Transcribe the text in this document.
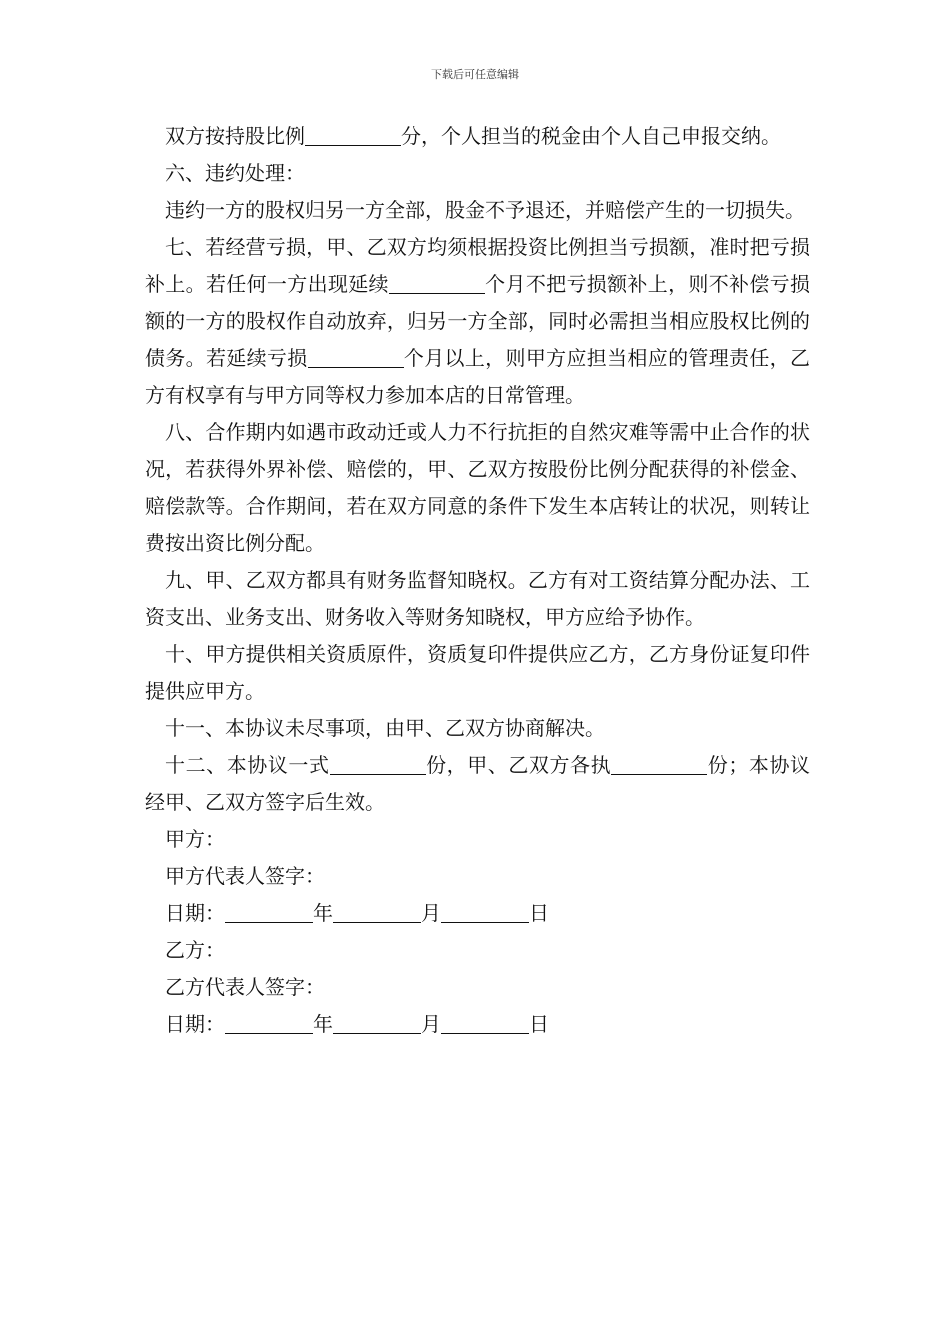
下载后可任意编辑

双方按持股比例	分，个人担当的税金由个人自己申报交纳。

六、违约处理：

违约一方的股权归另一方全部，股金不予退还，并赔偿产生的一切损失。

七、若经营亏损，甲、乙双方均须根据投资比例担当亏损额，准时把亏损补上。若任何一方出现延续	个月不把亏损额补上，则不补偿亏损额的一方的股权作自动放弃，归另一方全部，同时必需担当相应股权比例的债务。若延续亏损	个月以上，则甲方应担当相应的管理责任，乙方有权享有与甲方同等权力参加本店的日常管理。

八、合作期内如遇市政动迁或人力不行抗拒的自然灾难等需中止合作的状况，若获得外界补偿、赔偿的，甲、乙双方按股份比例分配获得的补偿金、赔偿款等。合作期间，若在双方同意的条件下发生本店转让的状况，则转让费按出资比例分配。

九、甲、乙双方都具有财务监督知晓权。乙方有对工资结算分配办法、工资支出、业务支出、财务收入等财务知晓权，甲方应给予协作。

十、甲方提供相关资质原件，资质复印件提供应乙方，乙方身份证复印件提供应甲方。

十一、本协议未尽事项，由甲、乙双方协商解决。

十二、本协议一式	份，甲、乙双方各执	份；本协议经甲、乙双方签字后生效。

甲方：

甲方代表人签字：

日期：	年	月	日

乙方：

乙方代表人签字：

日期：	年	月	日
